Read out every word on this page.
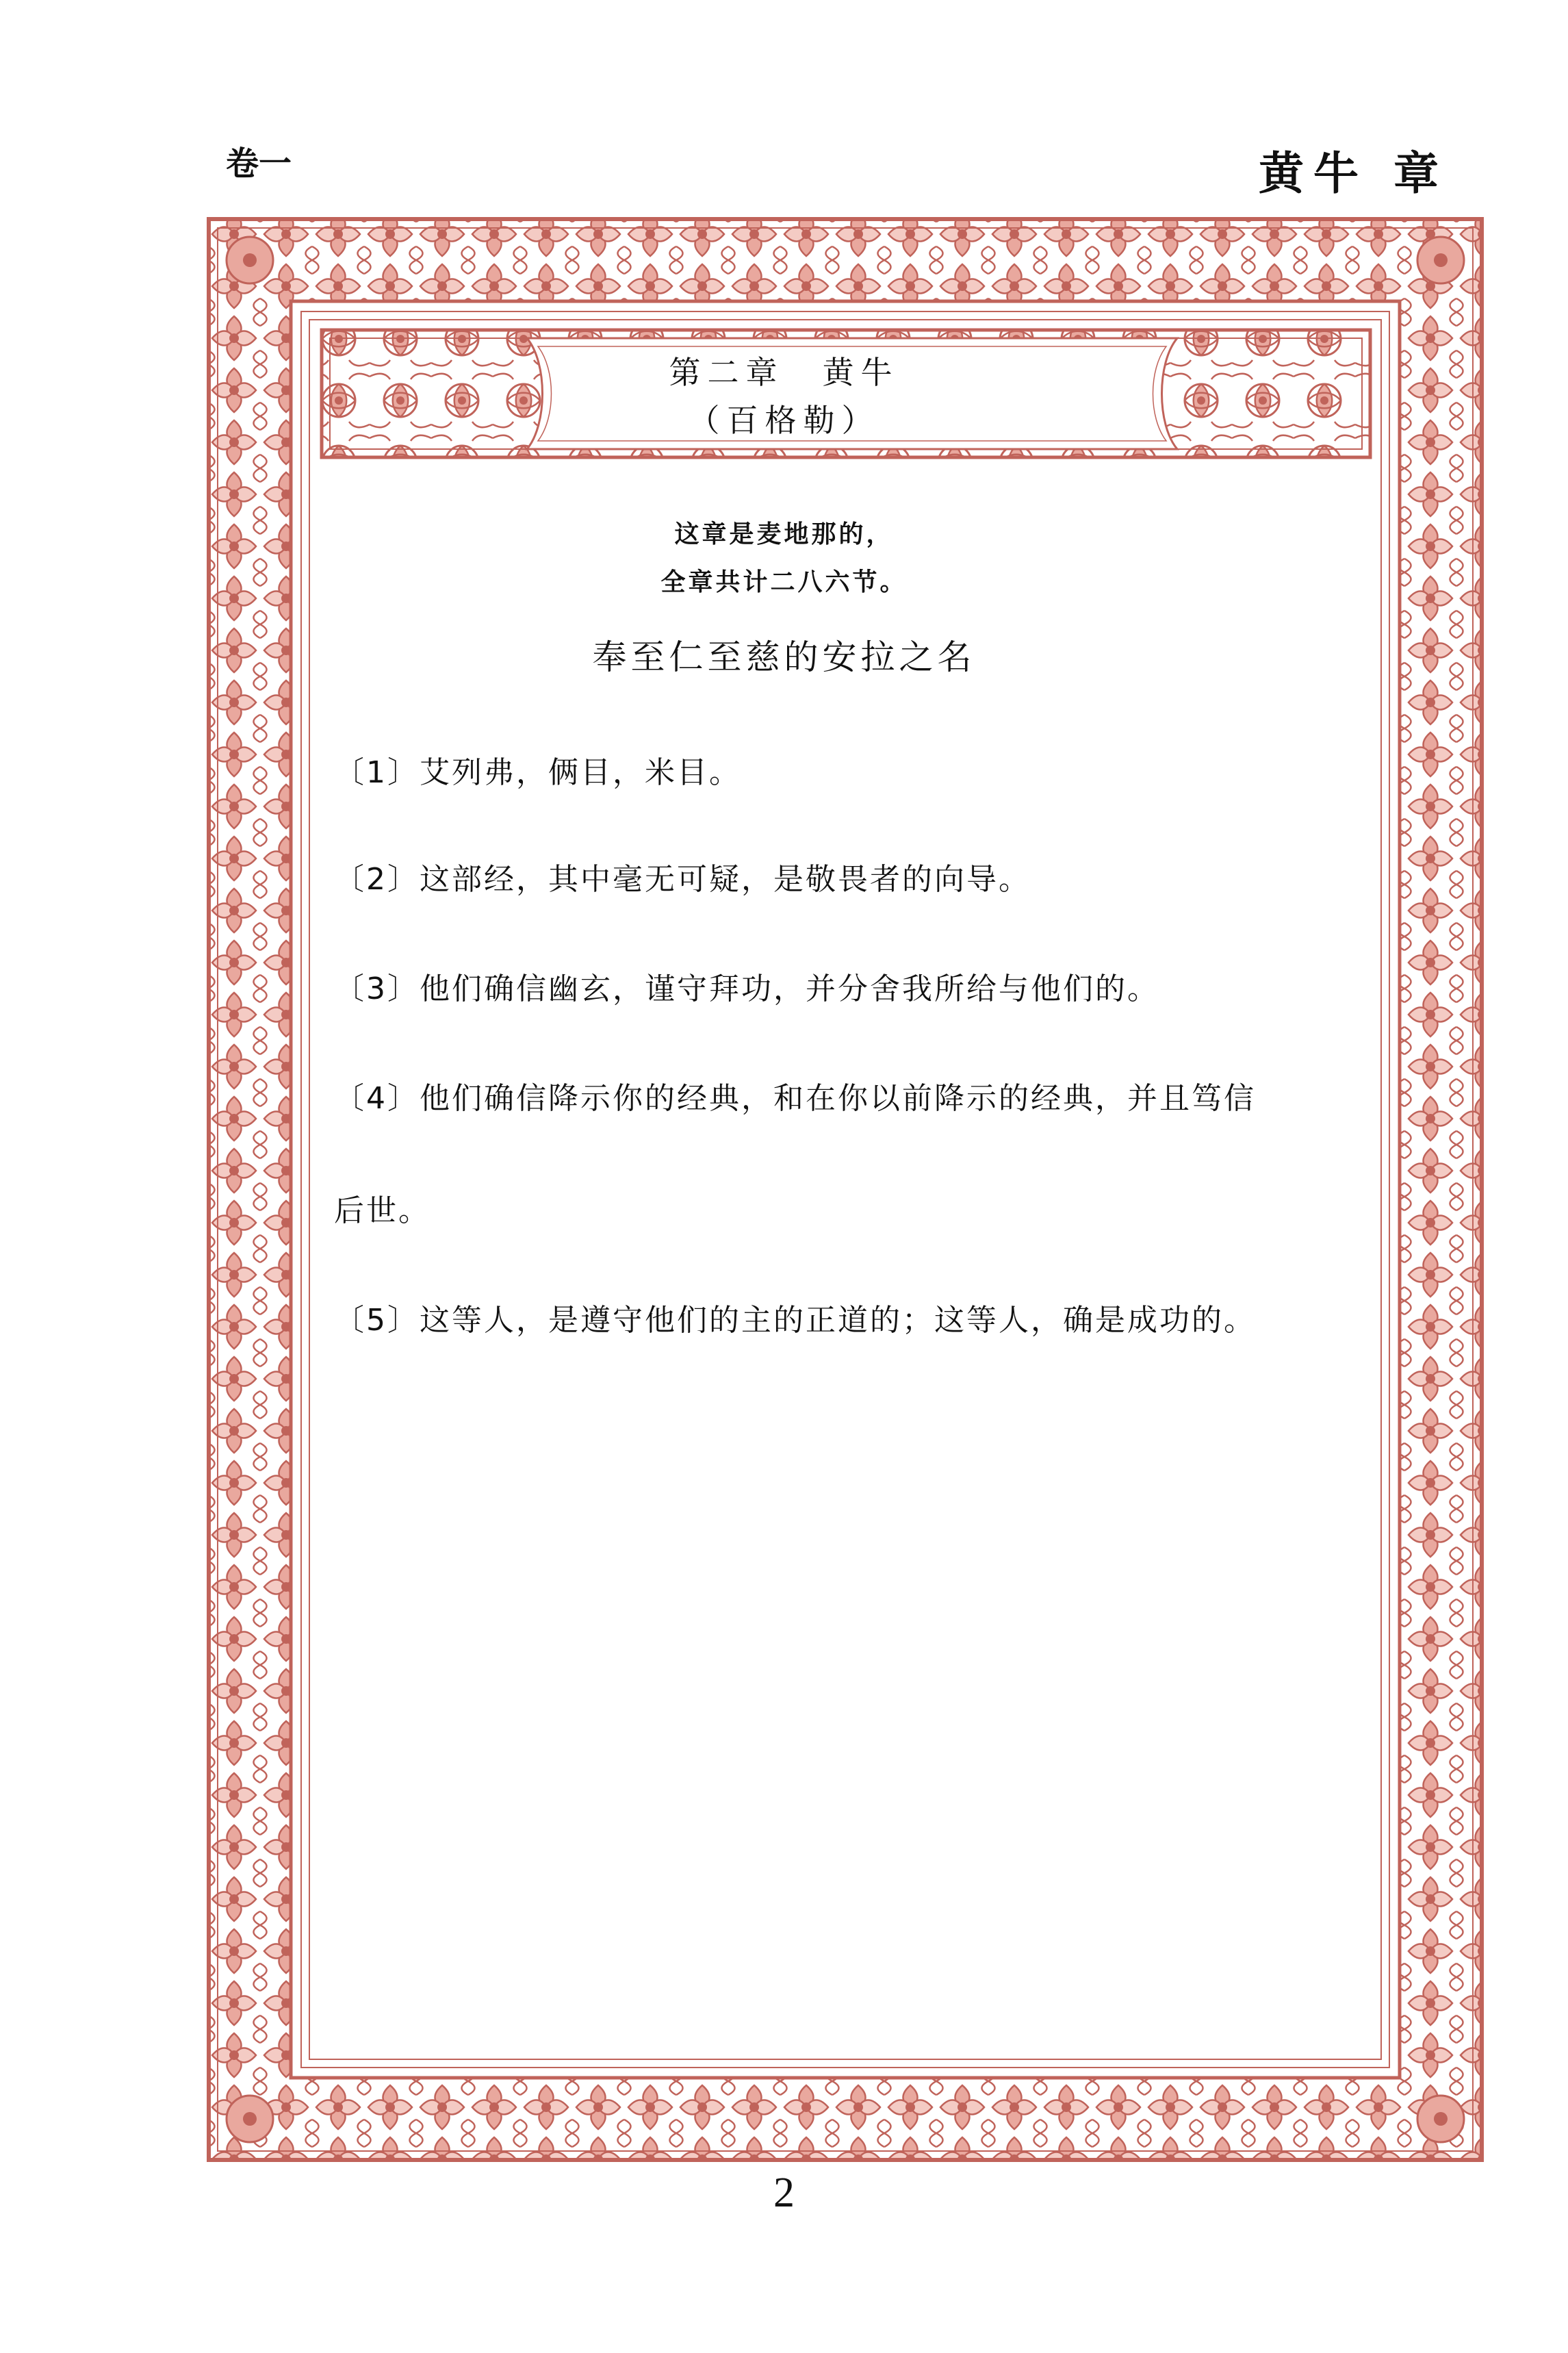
卷一	黄牛 章
第二章　黄牛
（百格勒）
这章是麦地那的，
全章共计二八六节。
奉至仁至慈的安拉之名
〔1〕艾列弗，俩目，米目。
〔2〕这部经，其中毫无可疑，是敬畏者的向导。
〔3〕他们确信幽玄，谨守拜功，并分舍我所给与他们的。
〔4〕他们确信降示你的经典，和在你以前降示的经典，并且笃信
后世。
〔5〕这等人，是遵守他们的主的正道的；这等人，确是成功的。
2
